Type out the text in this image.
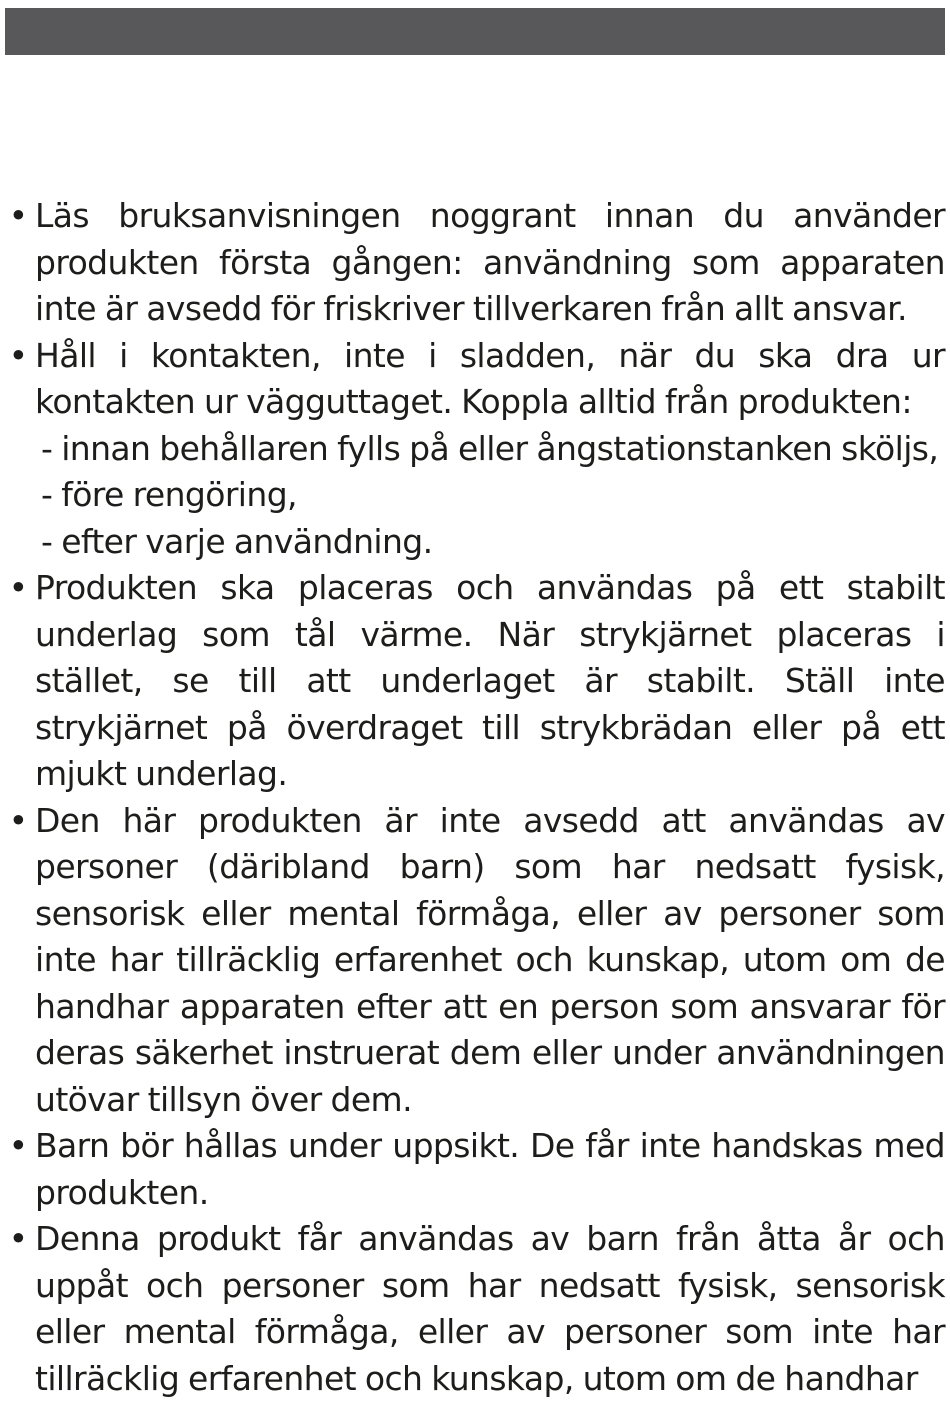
• Läs bruksanvisningen noggrant innan du använder produkten första gången: användning som apparaten inte är avsedd för friskriver tillverkaren från allt ansvar.
• Håll i kontakten, inte i sladden, när du ska dra ur kontakten ur vägguttaget. Koppla alltid från produkten:
- innan behållaren fylls på eller ångstationstanken sköljs,
- före rengöring,
- efter varje användning.
• Produkten ska placeras och användas på ett stabilt underlag som tål värme. När strykjärnet placeras i stället, se till att underlaget är stabilt. Ställ inte strykjärnet på överdraget till strykbrädan eller på ett mjukt underlag.
• Den här produkten är inte avsedd att användas av personer (däribland barn) som har nedsatt fysisk, sensorisk eller mental förmåga, eller av personer som inte har tillräcklig erfarenhet och kunskap, utom om de handhar apparaten efter att en person som ansvarar för deras säkerhet instruerat dem eller under användningen utövar tillsyn över dem.
• Barn bör hållas under uppsikt. De får inte handskas med produkten.
• Denna produkt får användas av barn från åtta år och uppåt och personer som har nedsatt fysisk, sensorisk eller mental förmåga, eller av personer som inte har tillräcklig erfarenhet och kunskap, utom om de handhar
